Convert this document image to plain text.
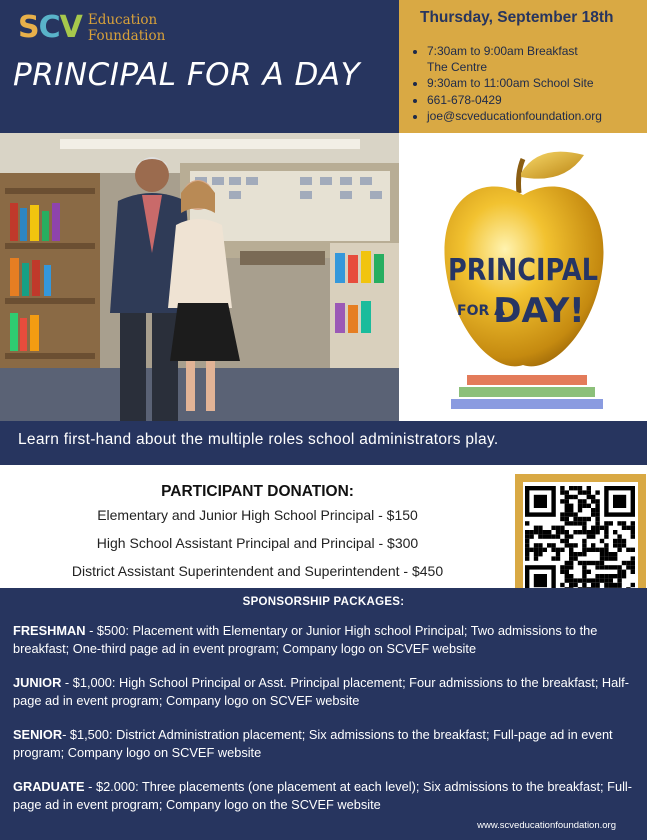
SCV Education
Foundation
PRINCIPAL FOR A DAY
Thursday, September 18th
• 7:30am to 9:00am Breakfast
The Centre
• 9:30am to 11:00am School Site
• 661-678-0429
• joe@scveducationfoundation.org
PRINCIPAL
FOR A
DAY!
Learn first-hand about the multiple roles school administrators play.
PARTICIPANT DONATION:
Elementary and Junior High School Principal - $150
High School Assistant Principal and Principal - $300
District Assistant Superintendent and Superintendent - $450
SPONSORSHIP PACKAGES:
FRESHMAN - $500: Placement with Elementary or Junior High school Principal; Two admissions to the breakfast; One-third page ad in event program; Company logo on SCVEF website
JUNIOR - $1,000: High School Principal or Asst. Principal placement; Four admissions to the breakfast; Half-page ad in event program; Company logo on SCVEF website
SENIOR- $1,500: District Administration placement; Six admissions to the breakfast; Full-page ad in event program; Company logo on SCVEF website
GRADUATE - $2.000: Three placements (one placement at each level); Six admissions to the breakfast; Full-page ad in event program; Company logo on the SCVEF website
www.scveducationfoundation.org
